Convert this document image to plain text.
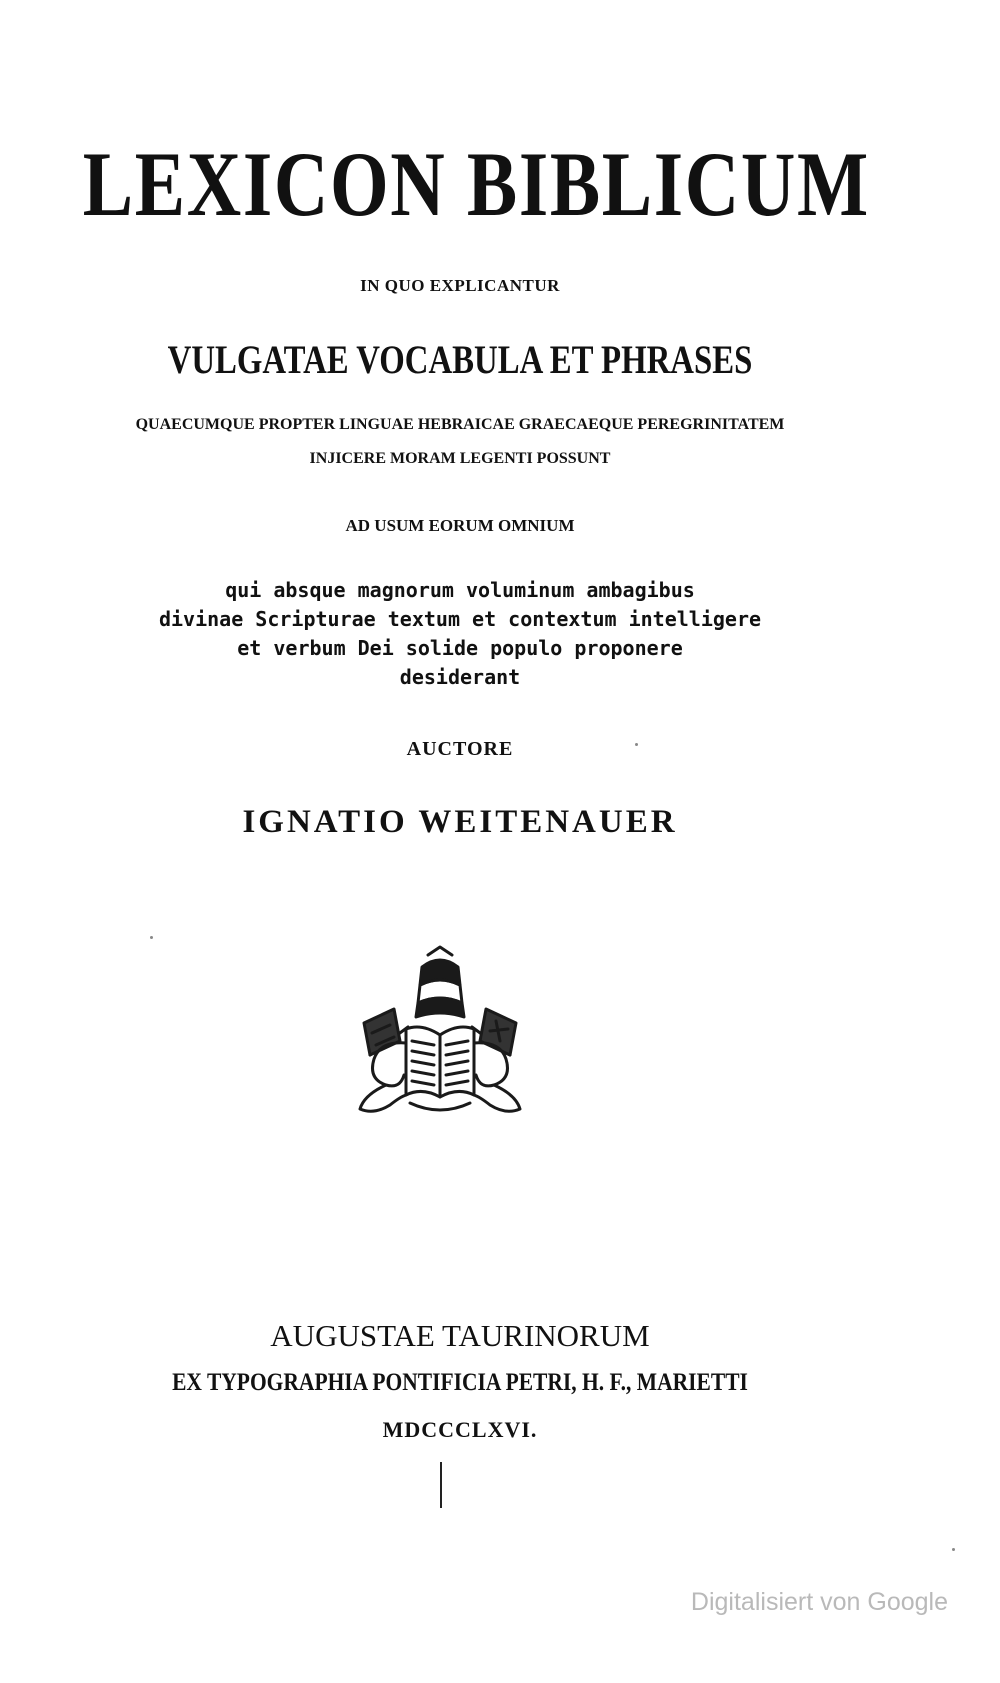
LEXICON BIBLICUM
IN QUO EXPLICANTUR
VULGATAE VOCABULA ET PHRASES
QUAECUMQUE PROPTER LINGUAE HEBRAICAE GRAECAEQUE PEREGRINITATEM
INJICERE MORAM LEGENTI POSSUNT
AD USUM EORUM OMNIUM
qui absque magnorum voluminum ambagibus
divinae Scripturae textum et contextum intelligere
et verbum Dei solide populo proponere
desiderant
AUCTORE
IGNATIO WEITENAUER
AUGUSTAE TAURINORUM
EX TYPOGRAPHIA PONTIFICIA PETRI, H. F., MARIETTI
MDCCCLXVI.
Digitalisiert von Google
